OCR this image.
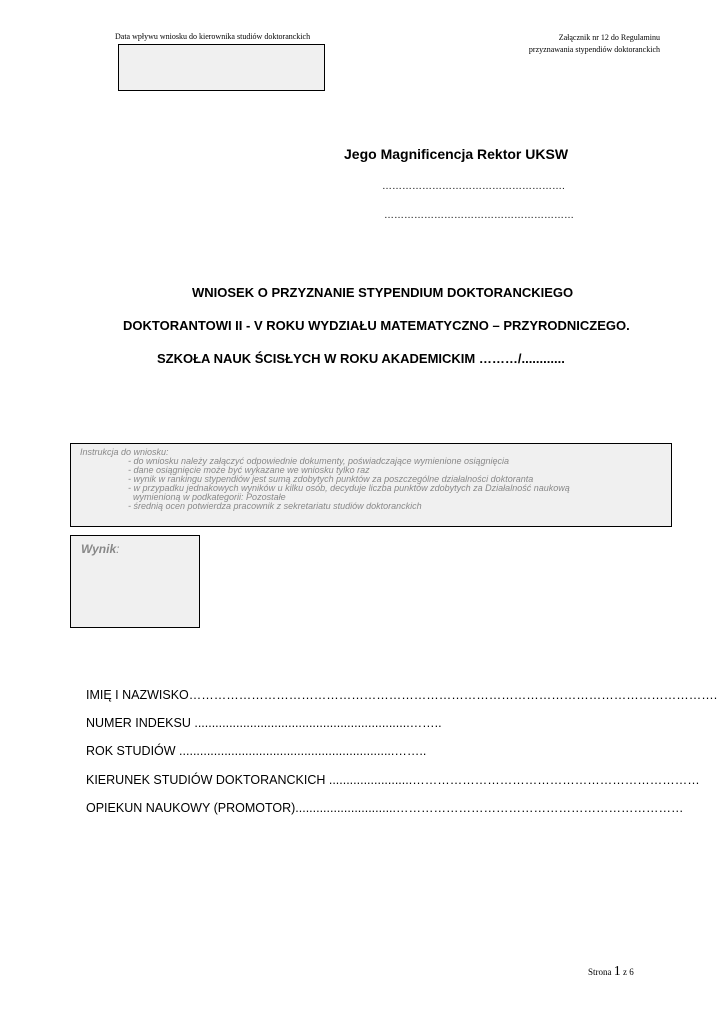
Data wpływu wniosku do kierownika studiów doktoranckich	Załącznik nr 12 do Regulaminu
przyznawania stypendiów doktoranckich
Jego Magnificencja Rektor UKSW
……………………………………………….
…………………………………………………
WNIOSEK O PRZYZNANIE STYPENDIUM DOKTORANCKIEGO
DOKTORANTOWI II - V ROKU WYDZIAŁU MATEMATYCZNO – PRZYRODNICZEGO.
SZKOŁA NAUK ŚCISŁYCH W ROKU AKADEMICKIM ………/............
Instrukcja do wniosku:
- do wniosku należy załączyć odpowiednie dokumenty, poświadczające wymienione osiągnięcia
- dane osiągnięcie może być wykazane we wniosku tylko raz
- wynik w rankingu stypendiów jest sumą zdobytych punktów za poszczególne działalności doktoranta
- w przypadku jednakowych wyników u kilku osób, decyduje liczba punktów zdobytych za Działalność naukową
wymienioną w podkategorii: Pozostałe
- średnią ocen potwierdza pracownik z sekretariatu studiów doktoranckich
Wynik:
IMIĘ I NAZWISKO……………………………………………………………………………………………………………….
NUMER INDEKSU ..............................................................……..
ROK STUDIÓW ..............................................................……..
KIERUNEK STUDIÓW DOKTORANCKICH ........................……………………………………………………………
OPIEKUN NAUKOWY (PROMOTOR).............................……………………………………………………………
Strona 1 z 6
